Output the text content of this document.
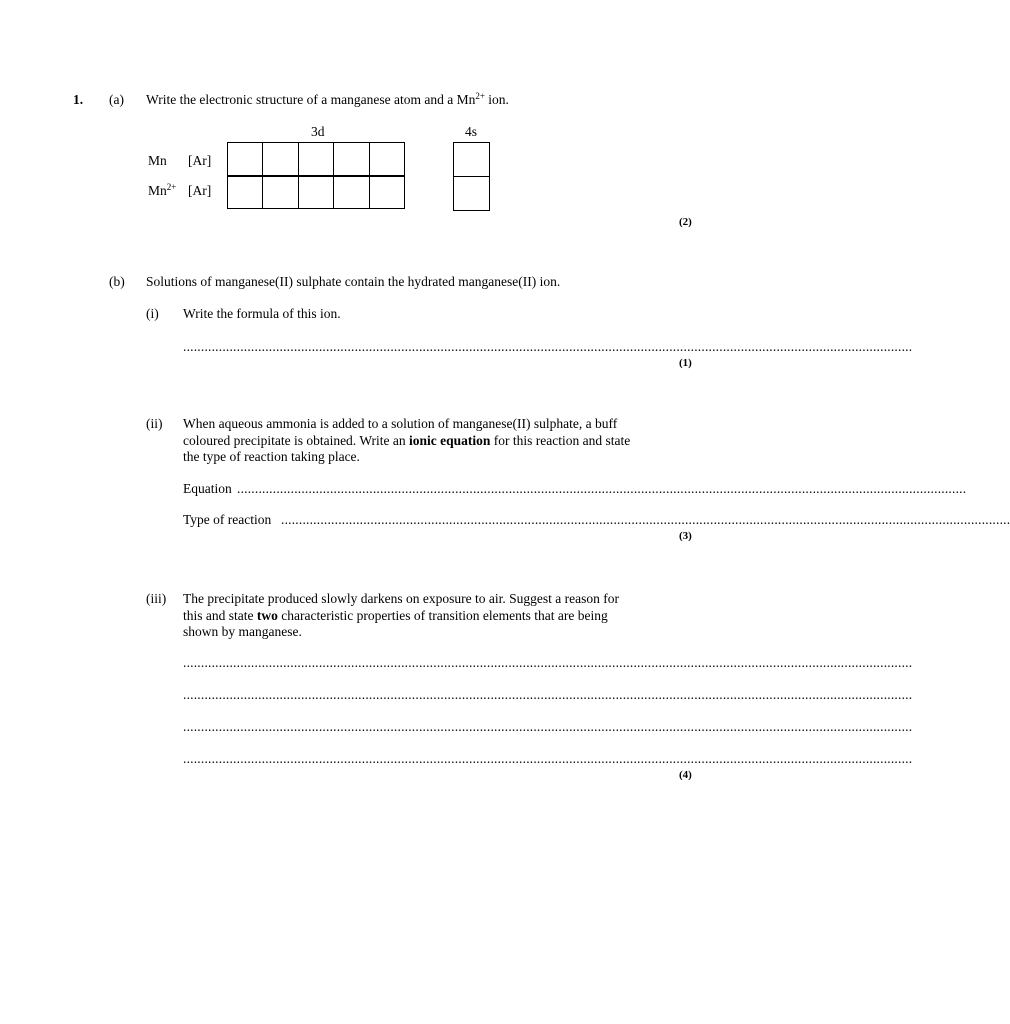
1. (a) Write the electronic structure of a manganese atom and a $Mn^{2+}$ ion.
3d	4s
Mn [Ar]
$Mn^{2+}$ [Ar]
(2)
(b) Solutions of manganese(II) sulphate contain the hydrated manganese(II) ion.
(i) Write the formula of this ion.
............................................................................................................................................................................................................
(1)
(ii) When aqueous ammonia is added to a solution of manganese(II) sulphate, a buff
coloured precipitate is obtained. Write an ionic equation for this reaction and state
the type of reaction taking place.
Equation ............................................................................................................................................................................................................
Type of reaction ............................................................................................................................................................................................................
(3)
(iii) The precipitate produced slowly darkens on exposure to air. Suggest a reason for
this and state two characteristic properties of transition elements that are being
shown by manganese.
............................................................................................................................................................................................................
............................................................................................................................................................................................................
............................................................................................................................................................................................................
............................................................................................................................................................................................................
(4)
